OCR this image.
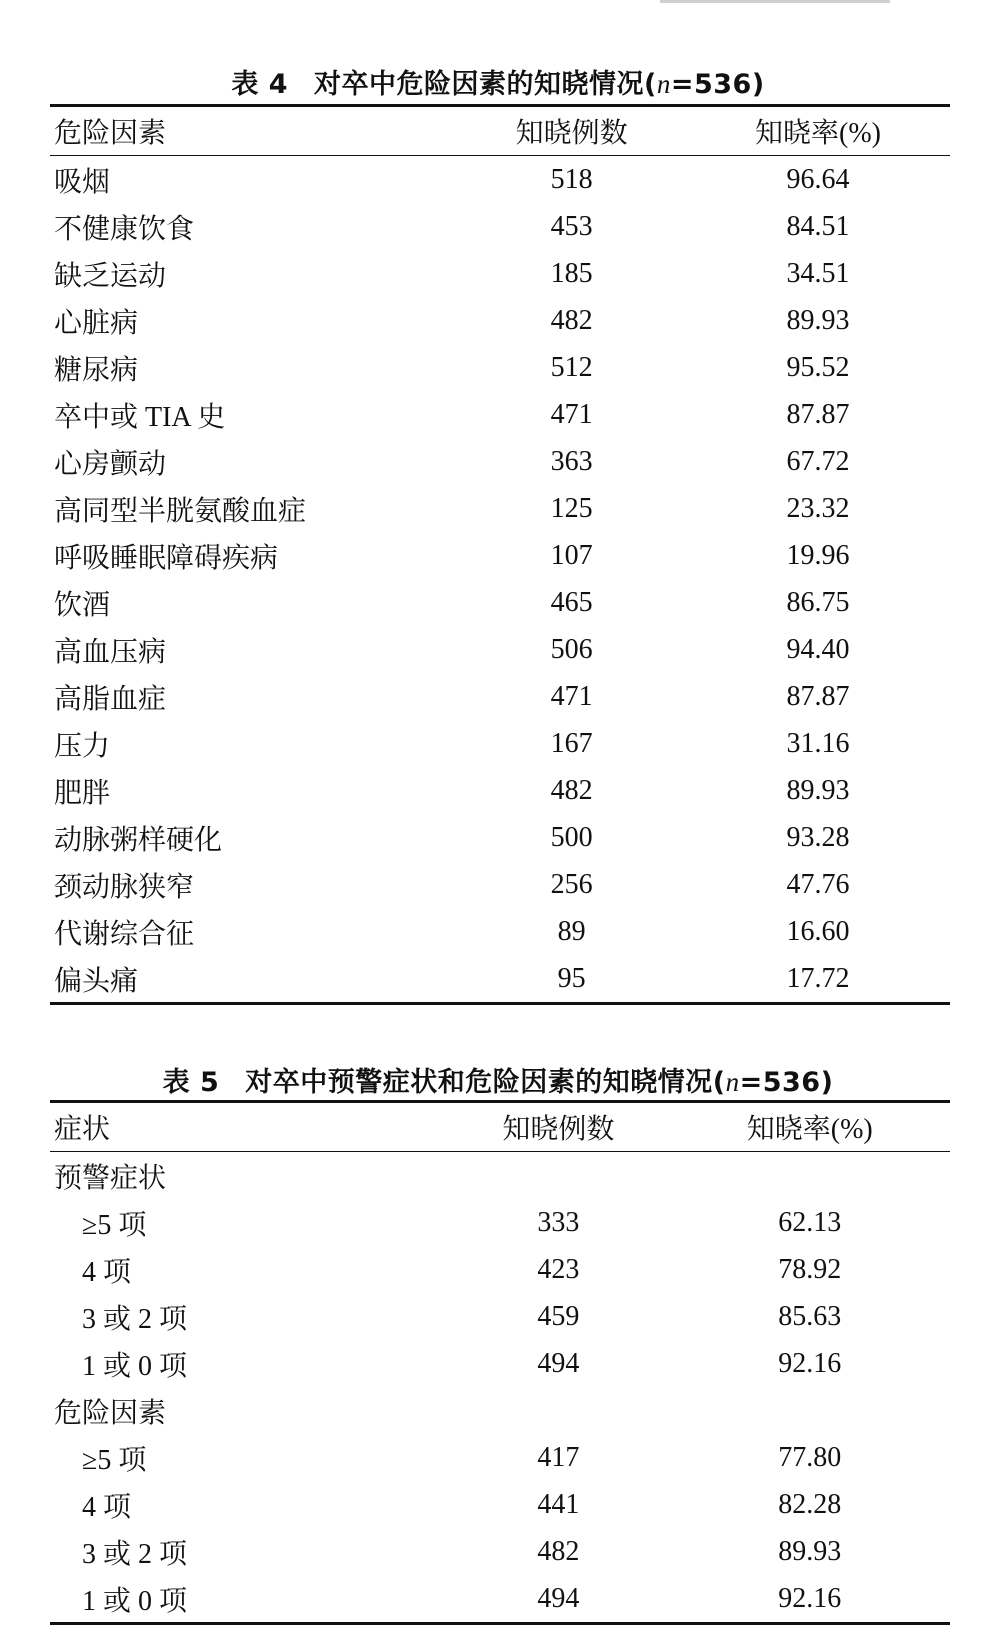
表 4 对卒中危险因素的知晓情况(n=536)
危险因素	知晓例数	知晓率(%)
吸烟	518	96.64
不健康饮食	453	84.51
缺乏运动	185	34.51
心脏病	482	89.93
糖尿病	512	95.52
卒中或 TIA 史	471	87.87
心房颤动	363	67.72
高同型半胱氨酸血症	125	23.32
呼吸睡眠障碍疾病	107	19.96
饮酒	465	86.75
高血压病	506	94.40
高脂血症	471	87.87
压力	167	31.16
肥胖	482	89.93
动脉粥样硬化	500	93.28
颈动脉狭窄	256	47.76
代谢综合征	89	16.60
偏头痛	95	17.72
表 5 对卒中预警症状和危险因素的知晓情况(n=536)
症状	知晓例数	知晓率(%)
预警症状		
≥5 项	333	62.13
4 项	423	78.92
3 或 2 项	459	85.63
1 或 0 项	494	92.16
危险因素		
≥5 项	417	77.80
4 项	441	82.28
3 或 2 项	482	89.93
1 或 0 项	494	92.16
